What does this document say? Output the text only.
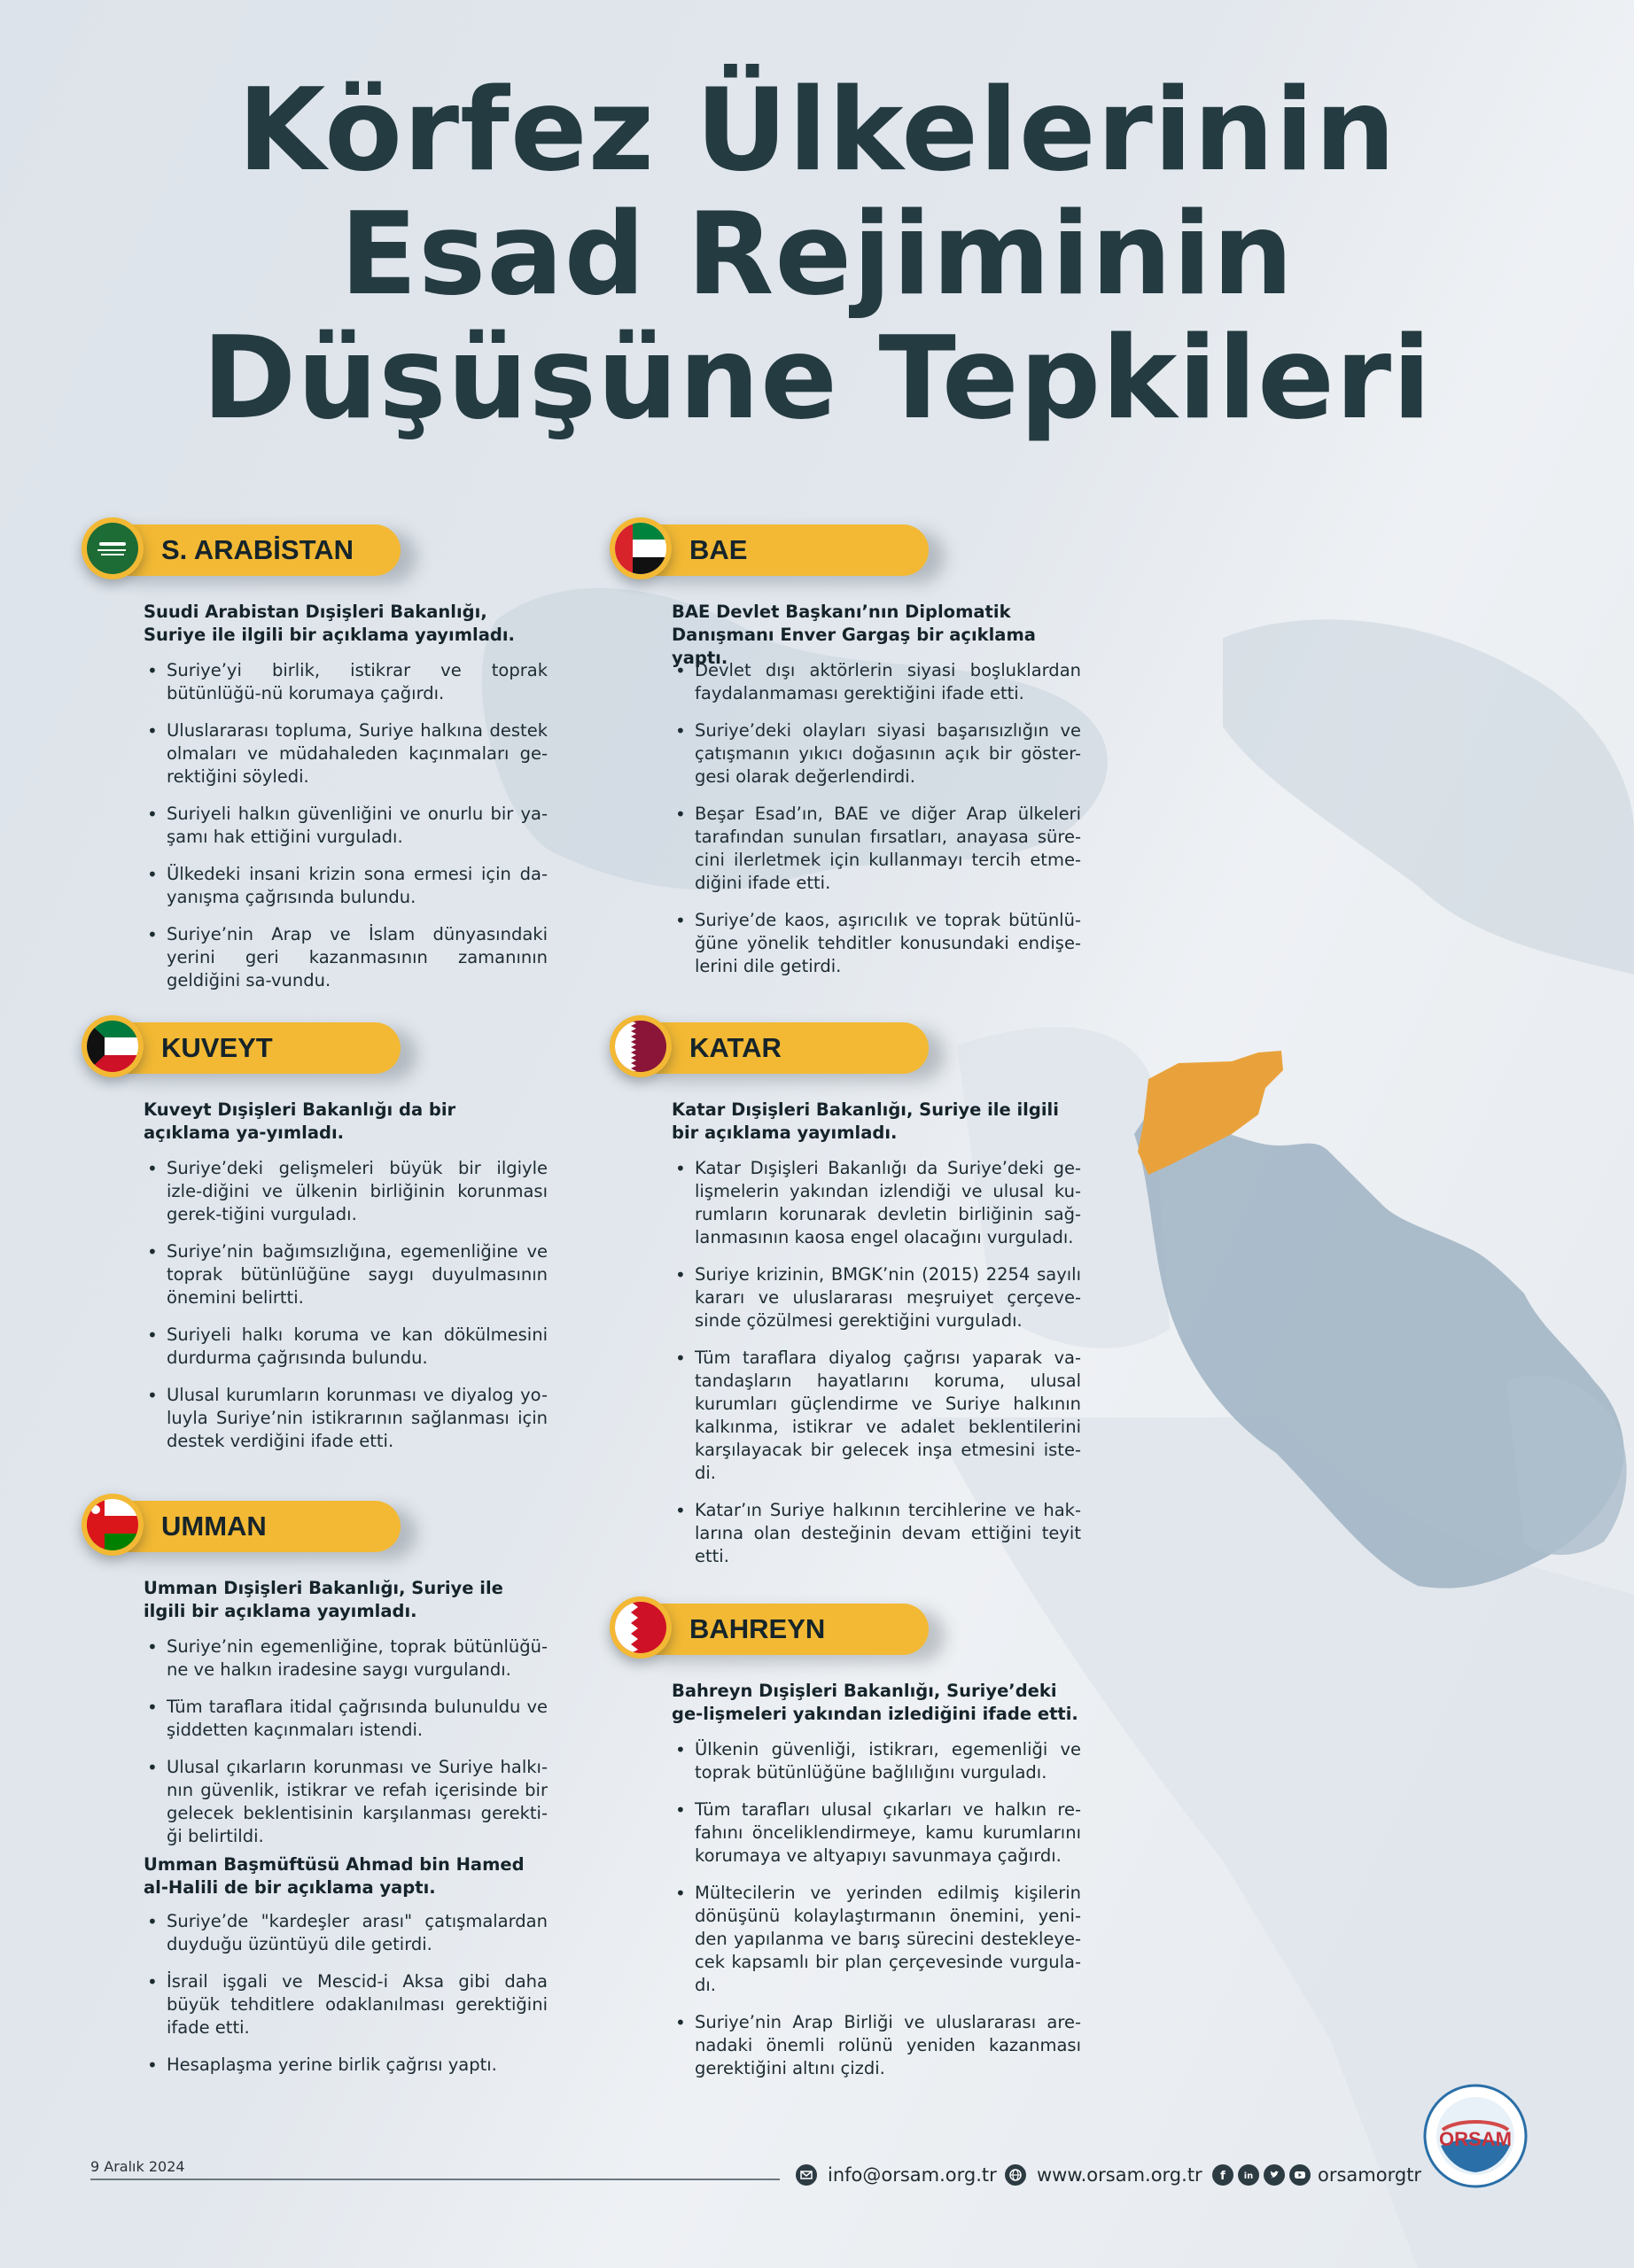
Körfez Ülkelerinin
Esad Rejiminin
Düşüşüne Tepkileri
S. ARABİSTAN

Suudi Arabistan Dışişleri Bakanlığı, Suriye ile ilgili bir açıklama yayımladı.

• Suriye’yi birlik, istikrar ve toprak bütünlüğü-nü korumaya çağırdı.
• Uluslararası topluma, Suriye halkına destek olmaları ve müdahaleden kaçınmaları ge-rektiğini söyledi.
• Suriyeli halkın güvenliğini ve onurlu bir ya-şamı hak ettiğini vurguladı.
• Ülkedeki insani krizin sona ermesi için da-yanışma çağrısında bulundu.
• Suriye’nin Arap ve İslam dünyasındaki yerini geri kazanmasının zamanının geldiğini sa-vundu.
BAE

BAE Devlet Başkanı’nın Diplomatik Danışmanı Enver Gargaş bir açıklama yaptı.

• Devlet dışı aktörlerin siyasi boşluklardan faydalanmaması gerektiğini ifade etti.
• Suriye’deki olayları siyasi başarısızlığın ve çatışmanın yıkıcı doğasının açık bir göster-gesi olarak değerlendirdi.
• Beşar Esad’ın, BAE ve diğer Arap ülkeleri tarafından sunulan fırsatları, anayasa süre-cini ilerletmek için kullanmayı tercih etme-diğini ifade etti.
• Suriye’de kaos, aşırıcılık ve toprak bütünlü-ğüne yönelik tehditler konusundaki endişe-lerini dile getirdi.
KUVEYT

Kuveyt Dışişleri Bakanlığı da bir açıklama ya-yımladı.

• Suriye’deki gelişmeleri büyük bir ilgiyle izle-diğini ve ülkenin birliğinin korunması gerek-tiğini vurguladı.
• Suriye’nin bağımsızlığına, egemenliğine ve toprak bütünlüğüne saygı duyulmasının önemini belirtti.
• Suriyeli halkı koruma ve kan dökülmesini durdurma çağrısında bulundu.
• Ulusal kurumların korunması ve diyalog yo-luyla Suriye’nin istikrarının sağlanması için destek verdiğini ifade etti.
KATAR

Katar Dışişleri Bakanlığı, Suriye ile ilgili bir açıklama yayımladı.

• Katar Dışişleri Bakanlığı da Suriye’deki ge-lişmelerin yakından izlendiği ve ulusal ku-rumların korunarak devletin birliğinin sağ-lanmasının kaosa engel olacağını vurguladı.
• Suriye krizinin, BMGK’nin (2015) 2254 sayılı kararı ve uluslararası meşruiyet çerçeve-sinde çözülmesi gerektiğini vurguladı.
• Tüm taraflara diyalog çağrısı yaparak va-tandaşların hayatlarını koruma, ulusal kurumları güçlendirme ve Suriye halkının kalkınma, istikrar ve adalet beklentilerini karşılayacak bir gelecek inşa etmesini iste-di.
• Katar’ın Suriye halkının tercihlerine ve hak-larına olan desteğinin devam ettiğini teyit etti.
UMMAN

Umman Dışişleri Bakanlığı, Suriye ile ilgili bir açıklama yayımladı.

• Suriye’nin egemenliğine, toprak bütünlüğü-ne ve halkın iradesine saygı vurgulandı.
• Tüm taraflara itidal çağrısında bulunuldu ve şiddetten kaçınmaları istendi.
• Ulusal çıkarların korunması ve Suriye halkı-nın güvenlik, istikrar ve refah içerisinde bir gelecek beklentisinin karşılanması gerekti-ği belirtildi.

Umman Başmüftüsü Ahmad bin Hamed al-Halili de bir açıklama yaptı.

• Suriye’de "kardeşler arası" çatışmalardan duyduğu üzüntüyü dile getirdi.
• İsrail işgali ve Mescid-i Aksa gibi daha büyük tehditlere odaklanılması gerektiğini ifade etti.
• Hesaplaşma yerine birlik çağrısı yaptı.
BAHREYN

Bahreyn Dışişleri Bakanlığı, Suriye’deki ge-lişmeleri yakından izlediğini ifade etti.

• Ülkenin güvenliği, istikrarı, egemenliği ve toprak bütünlüğüne bağlılığını vurguladı.
• Tüm tarafları ulusal çıkarları ve halkın re-fahını önceliklendirmeye, kamu kurumlarını korumaya ve altyapıyı savunmaya çağırdı.
• Mültecilerin ve yerinden edilmiş kişilerin dönüşünü kolaylaştırmanın önemini, yeni-den yapılanma ve barış sürecini destekleye-cek kapsamlı bir plan çerçevesinde vurgula-dı.
• Suriye’nin Arap Birliği ve uluslararası are-nadaki önemli rolünü yeniden kazanması gerektiğini altını çizdi.
9 Aralık 2024	info@orsam.org.tr www.orsam.org.tr f in	orsamorgtr
ORSAM
